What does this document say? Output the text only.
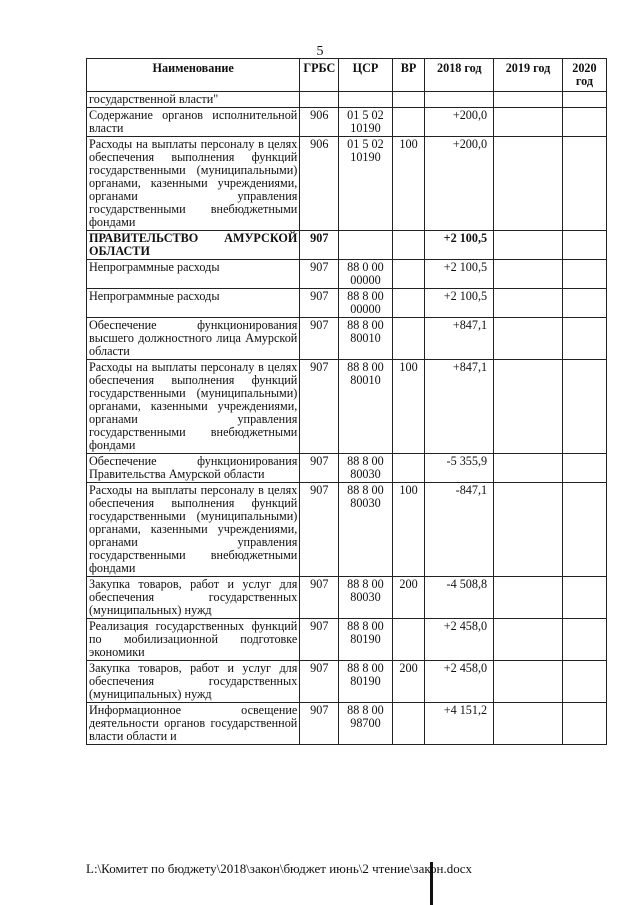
5
Наименование	ГРБС	ЦСР	ВР	2018 год	2019 год	2020 год
государственной власти"						
Содержание органов исполнительной власти	906	01 5 02 10190		+200,0		
Расходы на выплаты персоналу в целях обеспечения выполнения функций государственными (муниципальными) органами, казенными учреждениями, органами управления государственными внебюджетными фондами	906	01 5 02 10190	100	+200,0		
ПРАВИТЕЛЬСТВО АМУРСКОЙ ОБЛАСТИ	907			+2 100,5		
Непрограммные расходы	907	88 0 00 00000		+2 100,5		
Непрограммные расходы	907	88 8 00 00000		+2 100,5		
Обеспечение функционирования высшего должностного лица Амурской области	907	88 8 00 80010		+847,1		
Расходы на выплаты персоналу в целях обеспечения выполнения функций государственными (муниципальными) органами, казенными учреждениями, органами управления государственными внебюджетными фондами	907	88 8 00 80010	100	+847,1		
Обеспечение функционирования Правительства Амурской области	907	88 8 00 80030		-5 355,9		
Расходы на выплаты персоналу в целях обеспечения выполнения функций государственными (муниципальными) органами, казенными учреждениями, органами управления государственными внебюджетными фондами	907	88 8 00 80030	100	-847,1		
Закупка товаров, работ и услуг для обеспечения государственных (муниципальных) нужд	907	88 8 00 80030	200	-4 508,8		
Реализация государственных функций по мобилизационной подготовке экономики	907	88 8 00 80190		+2 458,0		
Закупка товаров, работ и услуг для обеспечения государственных (муниципальных) нужд	907	88 8 00 80190	200	+2 458,0		
Информационное освещение деятельности органов государственной власти области и	907	88 8 00 98700		+4 151,2		
L:\Комитет по бюджету\2018\закон\бюджет июнь\2 чтение\закон.docx
